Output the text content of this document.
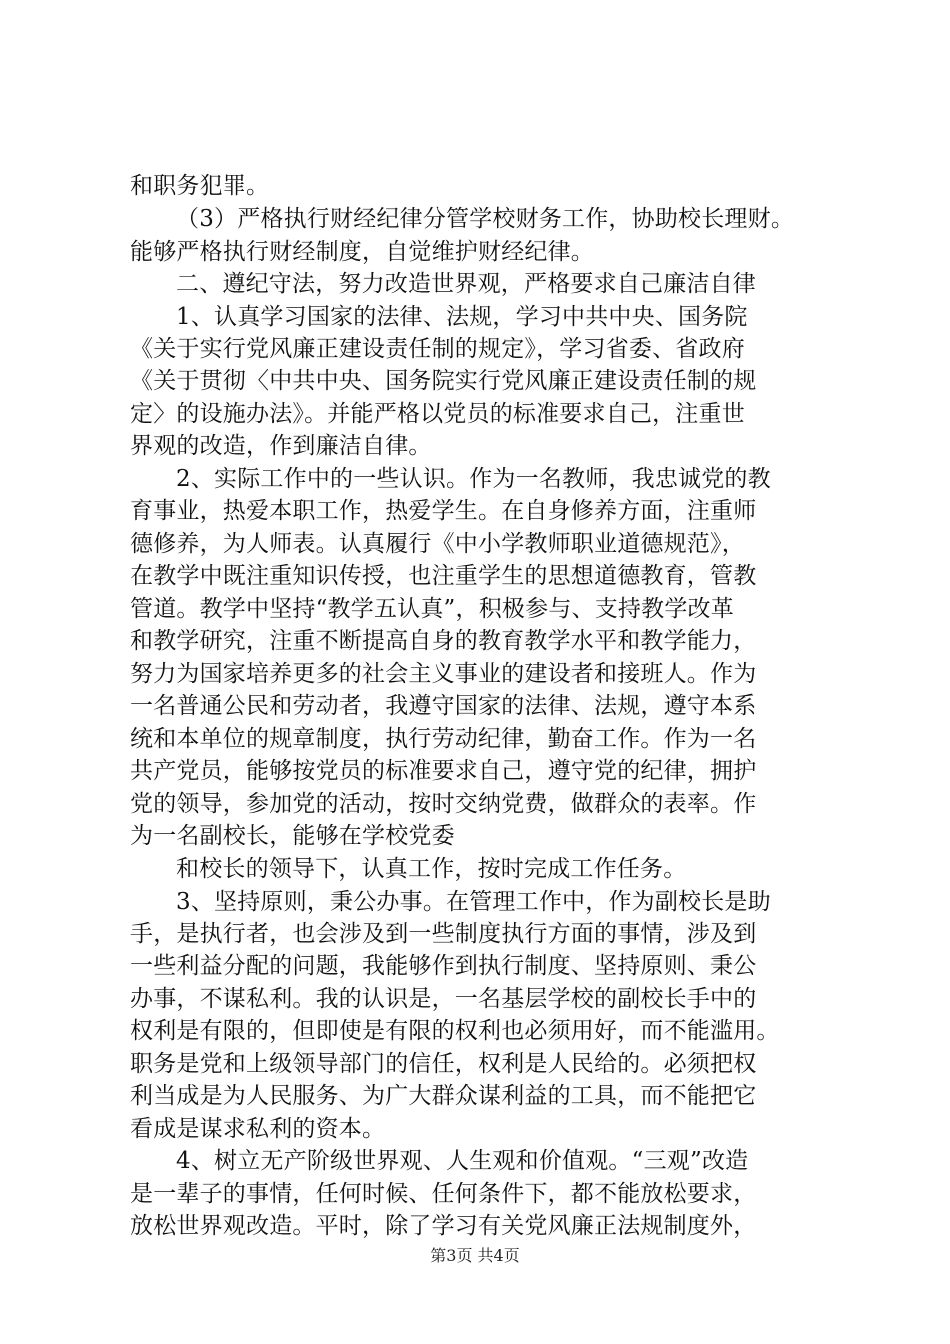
和职务犯罪。
（3）严格执行财经纪律分管学校财务工作，协助校长理财。
能够严格执行财经制度，自觉维护财经纪律。
二、遵纪守法，努力改造世界观，严格要求自己廉洁自律
1、认真学习国家的法律、法规，学习中共中央、国务院
《关于实行党风廉正建设责任制的规定》，学习省委、省政府
《关于贯彻〈中共中央、国务院实行党风廉正建设责任制的规
定〉的设施办法》。并能严格以党员的标准要求自己，注重世
界观的改造，作到廉洁自律。
2、实际工作中的一些认识。作为一名教师，我忠诚党的教
育事业，热爱本职工作，热爱学生。在自身修养方面，注重师
德修养，为人师表。认真履行《中小学教师职业道德规范》，
在教学中既注重知识传授，也注重学生的思想道德教育，管教
管道。教学中坚持“教学五认真”，积极参与、支持教学改革
和教学研究，注重不断提高自身的教育教学水平和教学能力，
努力为国家培养更多的社会主义事业的建设者和接班人。作为
一名普通公民和劳动者，我遵守国家的法律、法规，遵守本系
统和本单位的规章制度，执行劳动纪律，勤奋工作。作为一名
共产党员，能够按党员的标准要求自己，遵守党的纪律，拥护
党的领导，参加党的活动，按时交纳党费，做群众的表率。作
为一名副校长，能够在学校党委
和校长的领导下，认真工作，按时完成工作任务。
3、坚持原则，秉公办事。在管理工作中，作为副校长是助
手，是执行者，也会涉及到一些制度执行方面的事情，涉及到
一些利益分配的问题，我能够作到执行制度、坚持原则、秉公
办事，不谋私利。我的认识是，一名基层学校的副校长手中的
权利是有限的，但即使是有限的权利也必须用好，而不能滥用。
职务是党和上级领导部门的信任，权利是人民给的。必须把权
利当成是为人民服务、为广大群众谋利益的工具，而不能把它
看成是谋求私利的资本。
4、树立无产阶级世界观、人生观和价值观。“三观”改造
是一辈子的事情，任何时候、任何条件下，都不能放松要求，
放松世界观改造。平时，除了学习有关党风廉正法规制度外，
第3页 共4页
